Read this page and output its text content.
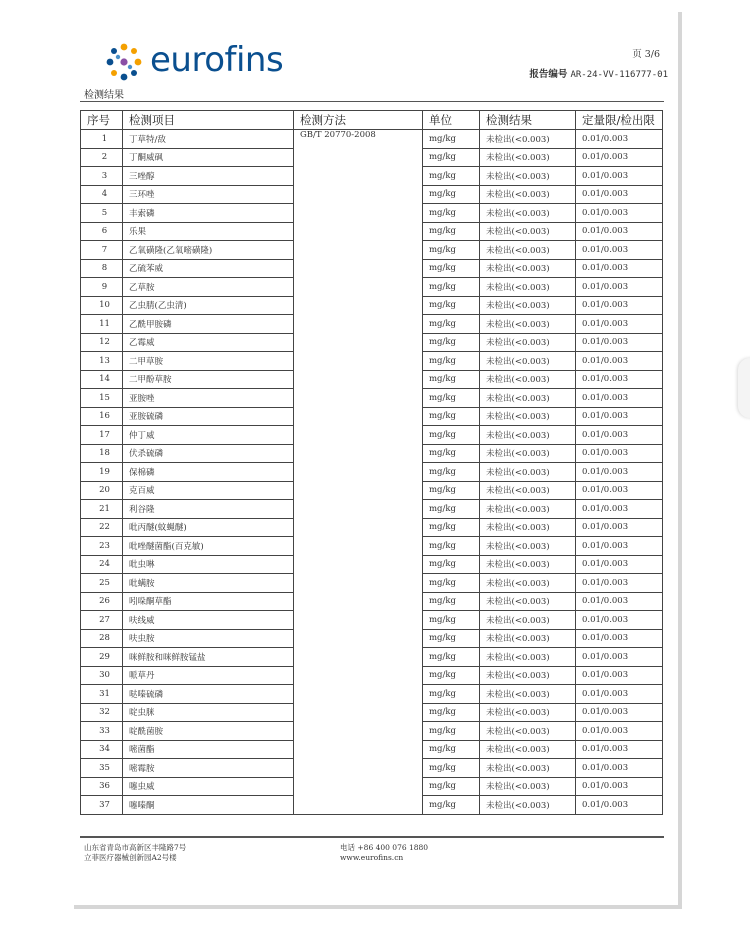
eurofins	页 3/6
报告编号 AR-24-VV-116777-01
检测结果
序号	检测项目	检测方法	单位	检测结果	定量限/检出限
1	丁草特/敌	GB/T 20770-2008	mg/kg	未检出(<0.003)	0.01/0.003
2	丁酮威砜		mg/kg	未检出(<0.003)	0.01/0.003
3	三唑醇		mg/kg	未检出(<0.003)	0.01/0.003
4	三环唑		mg/kg	未检出(<0.003)	0.01/0.003
5	丰索磷		mg/kg	未检出(<0.003)	0.01/0.003
6	乐果		mg/kg	未检出(<0.003)	0.01/0.003
7	乙氧磺隆(乙氧嘧磺隆)		mg/kg	未检出(<0.003)	0.01/0.003
8	乙硫苯威		mg/kg	未检出(<0.003)	0.01/0.003
9	乙草胺		mg/kg	未检出(<0.003)	0.01/0.003
10	乙虫腈(乙虫清)		mg/kg	未检出(<0.003)	0.01/0.003
11	乙酰甲胺磷		mg/kg	未检出(<0.003)	0.01/0.003
12	乙霉威		mg/kg	未检出(<0.003)	0.01/0.003
13	二甲草胺		mg/kg	未检出(<0.003)	0.01/0.003
14	二甲酚草胺		mg/kg	未检出(<0.003)	0.01/0.003
15	亚胺唑		mg/kg	未检出(<0.003)	0.01/0.003
16	亚胺硫磷		mg/kg	未检出(<0.003)	0.01/0.003
17	仲丁威		mg/kg	未检出(<0.003)	0.01/0.003
18	伏杀硫磷		mg/kg	未检出(<0.003)	0.01/0.003
19	保棉磷		mg/kg	未检出(<0.003)	0.01/0.003
20	克百威		mg/kg	未检出(<0.003)	0.01/0.003
21	利谷隆		mg/kg	未检出(<0.003)	0.01/0.003
22	吡丙醚(蚊蝇醚)		mg/kg	未检出(<0.003)	0.01/0.003
23	吡唑醚菌酯(百克敏)		mg/kg	未检出(<0.003)	0.01/0.003
24	吡虫啉		mg/kg	未检出(<0.003)	0.01/0.003
25	吡螨胺		mg/kg	未检出(<0.003)	0.01/0.003
26	吲哚酮草酯		mg/kg	未检出(<0.003)	0.01/0.003
27	呋线威		mg/kg	未检出(<0.003)	0.01/0.003
28	呋虫胺		mg/kg	未检出(<0.003)	0.01/0.003
29	咪鲜胺和咪鲜胺锰盐		mg/kg	未检出(<0.003)	0.01/0.003
30	哌草丹		mg/kg	未检出(<0.003)	0.01/0.003
31	哒嗪硫磷		mg/kg	未检出(<0.003)	0.01/0.003
32	啶虫脒		mg/kg	未检出(<0.003)	0.01/0.003
33	啶酰菌胺		mg/kg	未检出(<0.003)	0.01/0.003
34	嘧菌酯		mg/kg	未检出(<0.003)	0.01/0.003
35	嘧霉胺		mg/kg	未检出(<0.003)	0.01/0.003
36	噻虫威		mg/kg	未检出(<0.003)	0.01/0.003
37	噻嗪酮		mg/kg	未检出(<0.003)	0.01/0.003
山东省青岛市高新区丰隆路7号
立菲医疗器械创新园A2号楼
电话 +86 400 076 1880
www.eurofins.cn
